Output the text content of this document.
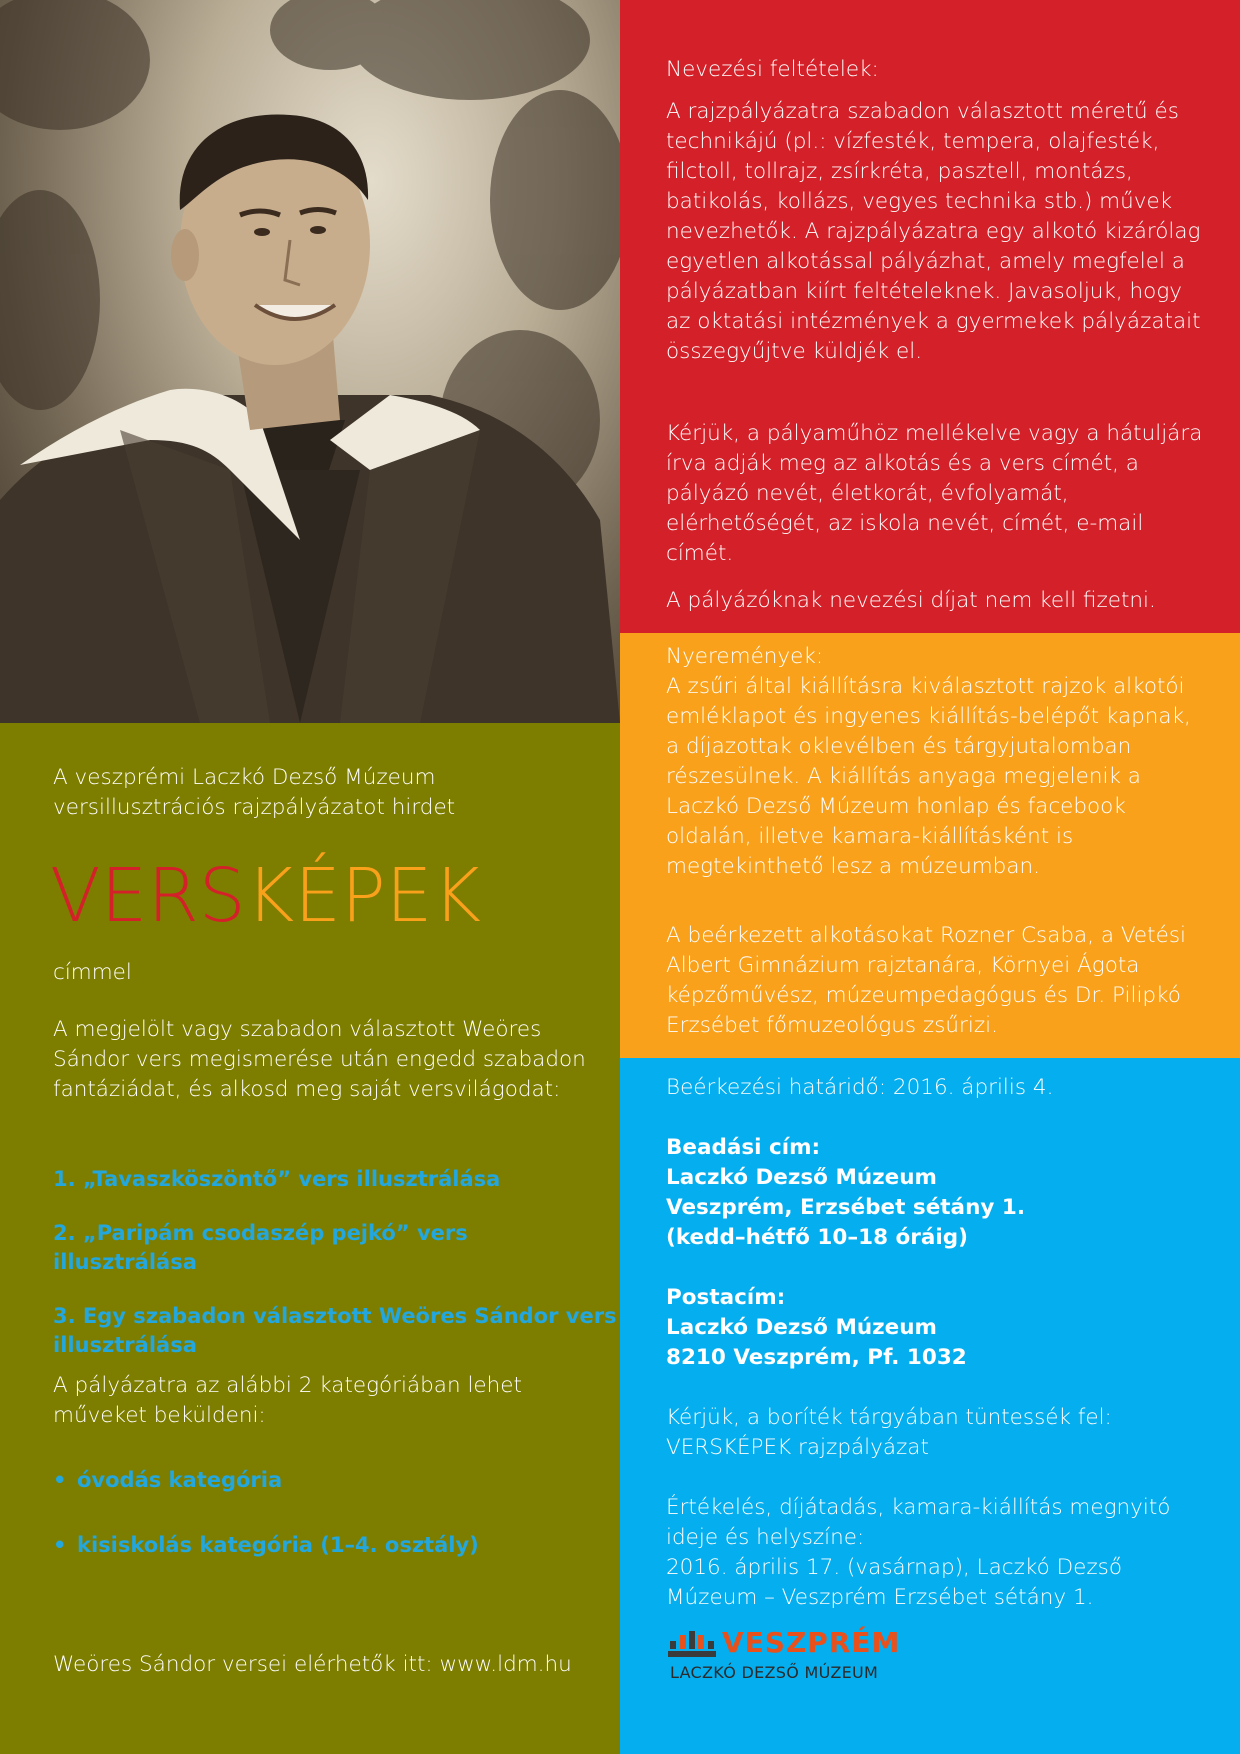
A veszprémi Laczkó Dezső Múzeum versillusztrációs rajzpályázatot hirdet
VERSKÉPEK
címmel
A megjelölt vagy szabadon választott Weöres Sándor vers megismerése után engedd szabadon fantáziádat, és alkosd meg saját versvilágodat:
1. „Tavaszköszöntő” vers illusztrálása
2. „Paripám csodaszép pejkó” vers illusztrálása
3. Egy szabadon választott Weöres Sándor vers illusztrálása
A pályázatra az alábbi 2 kategóriában lehet műveket beküldeni:
• óvodás kategória
• kisiskolás kategória (1–4. osztály)
Weöres Sándor versei elérhetők itt: www.ldm.hu
Nevezési feltételek:
A rajzpályázatra szabadon választott méretű és technikájú (pl.: vízfesték, tempera, olajfesték, filctoll, tollrajz, zsírkréta, pasztell, montázs, batikolás, kollázs, vegyes technika stb.) művek nevezhetők. A rajzpályázatra egy alkotó kizárólag egyetlen alkotással pályázhat, amely megfelel a pályázatban kiírt feltételeknek. Javasoljuk, hogy az oktatási intézmények a gyermekek pályázatait összegyűjtve küldjék el.
Kérjük, a pályaműhöz mellékelve vagy a hátuljára írva adják meg az alkotás és a vers címét, a pályázó nevét, életkorát, évfolyamát, elérhetőségét, az iskola nevét, címét, e-mail címét.
A pályázóknak nevezési díjat nem kell fizetni.
Nyeremények:
A zsűri által kiállításra kiválasztott rajzok alkotói emléklapot és ingyenes kiállítás-belépőt kapnak, a díjazottak oklevélben és tárgyjutalomban részesülnek. A kiállítás anyaga megjelenik a Laczkó Dezső Múzeum honlap és facebook oldalán, illetve kamara-kiállításként is megtekinthető lesz a múzeumban.
A beérkezett alkotásokat Rozner Csaba, a Vetési Albert Gimnázium rajztanára, Környei Ágota képzőművész, múzeumpedagógus és Dr. Pilipkó Erzsébet főmuzeológus zsűrizi.
Beérkezési határidő: 2016. április 4.
Beadási cím:
Laczkó Dezső Múzeum
Veszprém, Erzsébet sétány 1.
(kedd–hétfő 10–18 óráig)
Postacím:
Laczkó Dezső Múzeum
8210 Veszprém, Pf. 1032
Kérjük, a boríték tárgyában tüntessék fel:
VERSKÉPEK rajzpályázat
Értékelés, díjátadás, kamara-kiállítás megnyitó
ideje és helyszíne:
2016. április 17. (vasárnap), Laczkó Dezső
Múzeum – Veszprém Erzsébet sétány 1.
VESZPRÉM
LACZKÓ DEZSŐ MÚZEUM
